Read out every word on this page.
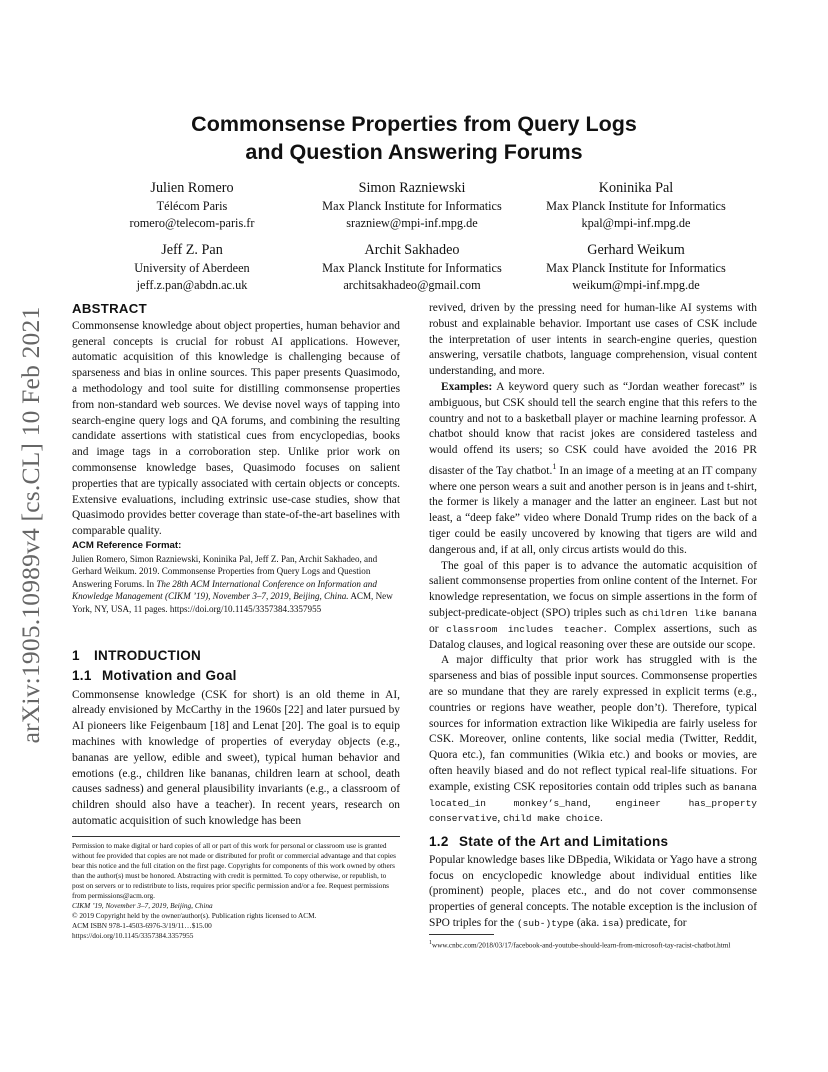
arXiv:1905.10989v4 [cs.CL] 10 Feb 2021
Commonsense Properties from Query Logs
and Question Answering Forums
Julien Romero
Télécom Paris
romero@telecom-paris.fr
Simon Razniewski
Max Planck Institute for Informatics
srazniew@mpi-inf.mpg.de
Koninika Pal
Max Planck Institute for Informatics
kpal@mpi-inf.mpg.de
Jeff Z. Pan
University of Aberdeen
jeff.z.pan@abdn.ac.uk
Archit Sakhadeo
Max Planck Institute for Informatics
architsakhadeo@gmail.com
Gerhard Weikum
Max Planck Institute for Informatics
weikum@mpi-inf.mpg.de
ABSTRACT

Commonsense knowledge about object properties, human behavior and general concepts is crucial for robust AI applications. However, automatic acquisition of this knowledge is challenging because of sparseness and bias in online sources. This paper presents Quasimodo, a methodology and tool suite for distilling commonsense properties from non-standard web sources. We devise novel ways of tapping into search-engine query logs and QA forums, and combining the resulting candidate assertions with statistical cues from encyclopedias, books and image tags in a corroboration step. Unlike prior work on commonsense knowledge bases, Quasimodo focuses on salient properties that are typically associated with certain objects or concepts. Extensive evaluations, including extrinsic use-case studies, show that Quasimodo provides better coverage than state-of-the-art baselines with comparable quality.

ACM Reference Format:

Julien Romero, Simon Razniewski, Koninika Pal, Jeff Z. Pan, Archit Sakhadeo, and Gerhard Weikum. 2019. Commonsense Properties from Query Logs and Question Answering Forums. In The 28th ACM International Conference on Information and Knowledge Management (CIKM ’19), November 3–7, 2019, Beijing, China. ACM, New York, NY, USA, 11 pages. https://doi.org/10.1145/3357384.3357955

1 INTRODUCTION
1.1 Motivation and Goal

Commonsense knowledge (CSK for short) is an old theme in AI, already envisioned by McCarthy in the 1960s [22] and later pursued by AI pioneers like Feigenbaum [18] and Lenat [20]. The goal is to equip machines with knowledge of properties of everyday objects (e.g., bananas are yellow, edible and sweet), typical human behavior and emotions (e.g., children like bananas, children learn at school, death causes sadness) and general plausibility invariants (e.g., a classroom of children should also have a teacher). In recent years, research on automatic acquisition of such knowledge has been

Permission to make digital or hard copies of all or part of this work for personal or classroom use is granted without fee provided that copies are not made or distributed for profit or commercial advantage and that copies bear this notice and the full citation on the first page. Copyrights for components of this work owned by others than the author(s) must be honored. Abstracting with credit is permitted. To copy otherwise, or republish, to post on servers or to redistribute to lists, requires prior specific permission and/or a fee. Request permissions from permissions@acm.org.

CIKM ’19, November 3–7, 2019, Beijing, China

© 2019 Copyright held by the owner/author(s). Publication rights licensed to ACM.

ACM ISBN 978-1-4503-6976-3/19/11…$15.00

https://doi.org/10.1145/3357384.3357955

revived, driven by the pressing need for human-like AI systems with robust and explainable behavior. Important use cases of CSK include the interpretation of user intents in search-engine queries, question answering, versatile chatbots, language comprehension, visual content understanding, and more.

Examples: A keyword query such as “Jordan weather forecast” is ambiguous, but CSK should tell the search engine that this refers to the country and not to a basketball player or machine learning professor. A chatbot should know that racist jokes are considered tasteless and would offend its users; so CSK could have avoided the 2016 PR disaster of the Tay chatbot.$^1$ In an image of a meeting at an IT company where one person wears a suit and another person is in jeans and t-shirt, the former is likely a manager and the latter an engineer. Last but not least, a “deep fake” video where Donald Trump rides on the back of a tiger could be easily uncovered by knowing that tigers are wild and dangerous and, if at all, only circus artists would do this.

The goal of this paper is to advance the automatic acquisition of salient commonsense properties from online content of the Internet. For knowledge representation, we focus on simple assertions in the form of subject-predicate-object (SPO) triples such as children like banana or classroom includes teacher. Complex assertions, such as Datalog clauses, and logical reasoning over these are outside our scope.

A major difficulty that prior work has struggled with is the sparseness and bias of possible input sources. Commonsense properties are so mundane that they are rarely expressed in explicit terms (e.g., countries or regions have weather, people don’t). Therefore, typical sources for information extraction like Wikipedia are fairly useless for CSK. Moreover, online contents, like social media (Twitter, Reddit, Quora etc.), fan communities (Wikia etc.) and books or movies, are often heavily biased and do not reflect typical real-life situations. For example, existing CSK repositories contain odd triples such as banana located_in monkey’s_hand, engineer has_property conservative, child make choice.

1.2 State of the Art and Limitations

Popular knowledge bases like DBpedia, Wikidata or Yago have a strong focus on encyclopedic knowledge about individual entities like (prominent) people, places etc., and do not cover commonsense properties of general concepts. The notable exception is the inclusion of SPO triples for the (sub-)type (aka. isa) predicate, for

$^1$www.cnbc.com/2018/03/17/facebook-and-youtube-should-learn-from-microsoft-tay-racist-chatbot.html
